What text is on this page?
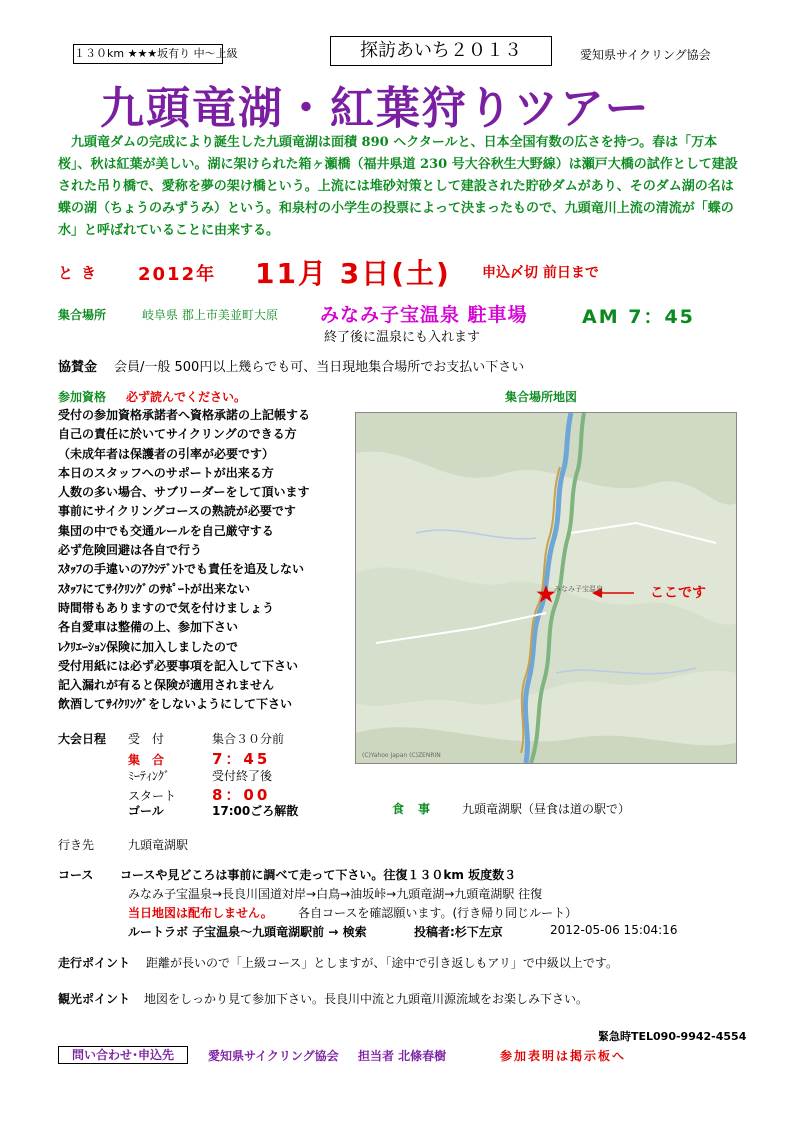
１３０km ★★★坂有り 中～上級	探訪あいち２０１３	愛知県サイクリング協会
九頭竜湖・紅葉狩りツアー
九頭竜ダムの完成により誕生した九頭竜湖は面積 890 ヘクタールと、日本全国有数の広さを持つ。春は「万本桜」、秋は紅葉が美しい。湖に架けられた箱ヶ瀬橋（福井県道 230 号大谷秋生大野線）は瀬戸大橋の試作として建設された吊り橋で、愛称を夢の架け橋という。上流には堆砂対策として建設された貯砂ダムがあり、そのダム湖の名は蝶の湖（ちょうのみずうみ）という。和泉村の小学生の投票によって決まったもので、九頭竜川上流の清流が「蝶の水」と呼ばれていることに由来する。
とき 2012年 11月 3日(土) 申込〆切 前日まで
集合場所	岐阜県 郡上市美並町大原 みなみ子宝温泉 駐車場	AM 7：45
終了後に温泉にも入れます
協賛金 会員/一般 500円以上幾らでも可、当日現地集合場所でお支払い下さい
参加資格 必ず読んでください。	集合場所地図
受付の参加資格承諾者へ資格承諾の上記帳する
自己の責任に於いてサイクリングのできる方
（未成年者は保護者の引率が必要です）
本日のスタッフへのサポートが出来る方
人数の多い場合、サブリーダーをして頂います
事前にサイクリングコースの熟読が必要です
集団の中でも交通ルールを自己厳守する
必ず危険回避は各自で行う
ｽﾀｯﾌの手違いのｱｸｼﾃﾞﾝﾄでも責任を追及しない
ｽﾀｯﾌにてｻｲｸﾘﾝｸﾞのｻﾎﾟｰﾄが出来ない
時間帯もありますので気を付けましょう
各自愛車は整備の上、参加下さい
ﾚｸﾘｴｰｼｮﾝ保険に加入しましたので
受付用紙には必ず必要事項を記入して下さい
記入漏れが有ると保険が適用されません
飲酒してｻｲｸﾘﾝｸﾞをしないようにして下さい
ここです
みなみ子宝温泉
(C)Yahoo Japan (C)ZENRIN
大会日程 受　付	集合３０分前
集　合	7：45
ﾐｰﾃｨﾝｸﾞ	受付終了後
スタート 8：00
ゴール	17:00ごろ解散	食事 九頭竜湖駅（昼食は道の駅で）
行き先	九頭竜湖駅
コース コースや見どころは事前に調べて走って下さい。往復１３０km 坂度数３
みなみ子宝温泉→長良川国道対岸→白鳥→油坂峠→九頭竜湖→九頭竜湖駅 往復
当日地図は配布しません。 各自コースを確認願います。(行き帰り同じルート）
ルートラボ 子宝温泉～九頭竜湖駅前 → 検索	投稿者:杉下左京	2012-05-06 15:04:16
走行ポイント 距離が長いので「上級コース」としますが、「途中で引き返しもアリ」で中級以上です。
観光ポイント 地図をしっかり見て参加下さい。長良川中流と九頭竜川源流域をお楽しみ下さい。
緊急時TEL090-9942-4554
問い合わせ･申込先	愛知県サイクリング協会 担当者 北條春樹	参加表明は掲示板へ
